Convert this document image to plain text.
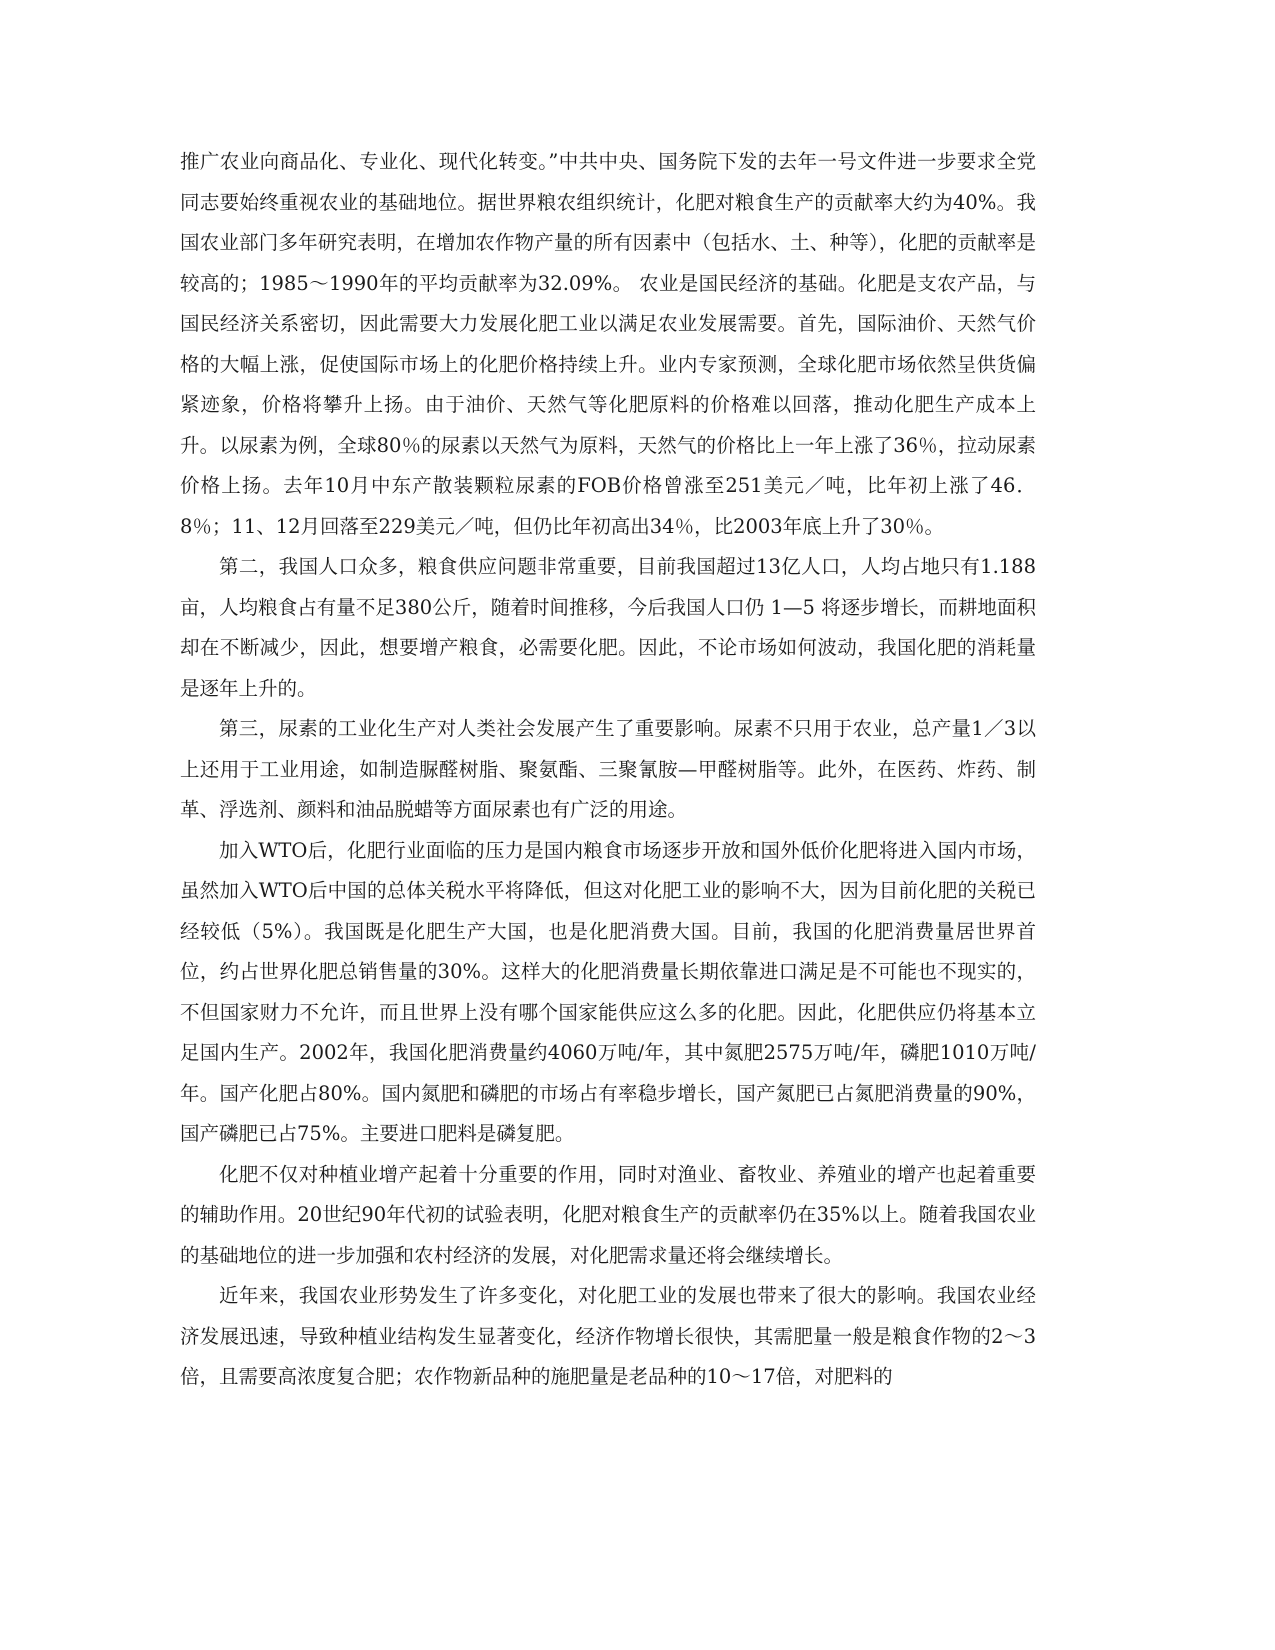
推广农业向商品化、专业化、现代化转变。”中共中央、国务院下发的去年一号文件进一步要求全党同志要始终重视农业的基础地位。据世界粮农组织统计，化肥对粮食生产的贡献率大约为40%。我国农业部门多年研究表明，在增加农作物产量的所有因素中（包括水、土、种等），化肥的贡献率是较高的；1985～1990年的平均贡献率为32.09%。 农业是国民经济的基础。化肥是支农产品，与国民经济关系密切，因此需要大力发展化肥工业以满足农业发展需要。首先，国际油价、天然气价格的大幅上涨，促使国际市场上的化肥价格持续上升。业内专家预测，全球化肥市场依然呈供货偏紧迹象，价格将攀升上扬。由于油价、天然气等化肥原料的价格难以回落，推动化肥生产成本上升。以尿素为例，全球80％的尿素以天然气为原料，天然气的价格比上一年上涨了36％，拉动尿素价格上扬。去年10月中东产散装颗粒尿素的FOB价格曾涨至251美元／吨，比年初上涨了46．8％；11、12月回落至229美元／吨，但仍比年初高出34％，比2003年底上升了30％。

第二，我国人口众多，粮食供应问题非常重要，目前我国超过13亿人口，人均占地只有1.188亩，人均粮食占有量不足380公斤，随着时间推移，今后我国人口仍 1—5 将逐步增长，而耕地面积却在不断减少，因此，想要增产粮食，必需要化肥。因此，不论市场如何波动，我国化肥的消耗量是逐年上升的。

第三，尿素的工业化生产对人类社会发展产生了重要影响。尿素不只用于农业，总产量1／3以上还用于工业用途，如制造脲醛树脂、聚氨酯、三聚氰胺—甲醛树脂等。此外，在医药、炸药、制革、浮选剂、颜料和油品脱蜡等方面尿素也有广泛的用途。

加入WTO后，化肥行业面临的压力是国内粮食市场逐步开放和国外低价化肥将进入国内市场，虽然加入WTO后中国的总体关税水平将降低，但这对化肥工业的影响不大，因为目前化肥的关税已经较低（5%）。我国既是化肥生产大国，也是化肥消费大国。目前，我国的化肥消费量居世界首位，约占世界化肥总销售量的30%。这样大的化肥消费量长期依靠进口满足是不可能也不现实的，不但国家财力不允许，而且世界上没有哪个国家能供应这么多的化肥。因此，化肥供应仍将基本立足国内生产。2002年，我国化肥消费量约4060万吨/年，其中氮肥2575万吨/年，磷肥1010万吨/年。国产化肥占80%。国内氮肥和磷肥的市场占有率稳步增长，国产氮肥已占氮肥消费量的90%，国产磷肥已占75%。主要进口肥料是磷复肥。

化肥不仅对种植业增产起着十分重要的作用，同时对渔业、畜牧业、养殖业的增产也起着重要的辅助作用。20世纪90年代初的试验表明，化肥对粮食生产的贡献率仍在35%以上。随着我国农业的基础地位的进一步加强和农村经济的发展，对化肥需求量还将会继续增长。

近年来，我国农业形势发生了许多变化，对化肥工业的发展也带来了很大的影响。我国农业经济发展迅速，导致种植业结构发生显著变化，经济作物增长很快，其需肥量一般是粮食作物的2～3倍，且需要高浓度复合肥；农作物新品种的施肥量是老品种的10～17倍，对肥料的
